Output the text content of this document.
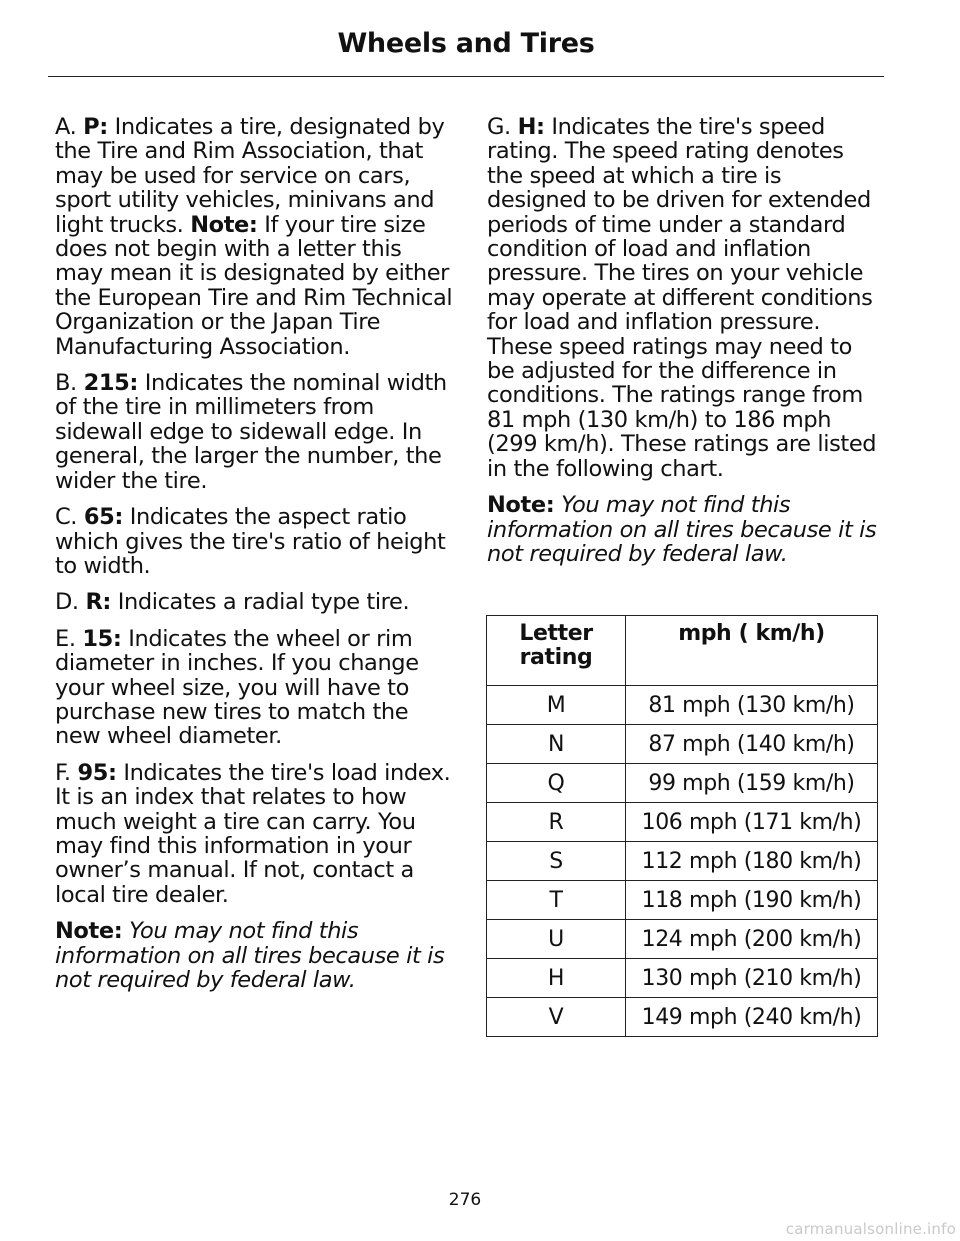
Wheels and Tires

A. P: Indicates a tire, designated by the Tire and Rim Association, that may be used for service on cars, sport utility vehicles, minivans and light trucks. Note: If your tire size does not begin with a letter this may mean it is designated by either the European Tire and Rim Technical Organization or the Japan Tire Manufacturing Association.

B. 215: Indicates the nominal width of the tire in millimeters from sidewall edge to sidewall edge. In general, the larger the number, the wider the tire.

C. 65: Indicates the aspect ratio which gives the tire's ratio of height to width.

D. R: Indicates a radial type tire.

E. 15: Indicates the wheel or rim diameter in inches. If you change your wheel size, you will have to purchase new tires to match the new wheel diameter.

F. 95: Indicates the tire's load index. It is an index that relates to how much weight a tire can carry. You may find this information in your owner’s manual. If not, contact a local tire dealer.

Note: You may not find this information on all tires because it is not required by federal law.

G. H: Indicates the tire's speed rating. The speed rating denotes the speed at which a tire is designed to be driven for extended periods of time under a standard condition of load and inflation pressure. The tires on your vehicle may operate at different conditions for load and inflation pressure. These speed ratings may need to be adjusted for the difference in conditions. The ratings range from 81 mph (130 km/h) to 186 mph (299 km/h). These ratings are listed in the following chart.

Note: You may not find this information on all tires because it is not required by federal law.

Letter rating	mph ( km/h)
M	81 mph (130 km/h)
N	87 mph (140 km/h)
Q	99 mph (159 km/h)
R	106 mph (171 km/h)
S	112 mph (180 km/h)
T	118 mph (190 km/h)
U	124 mph (200 km/h)
H	130 mph (210 km/h)
V	149 mph (240 km/h)
276
carmanualsonline.info
